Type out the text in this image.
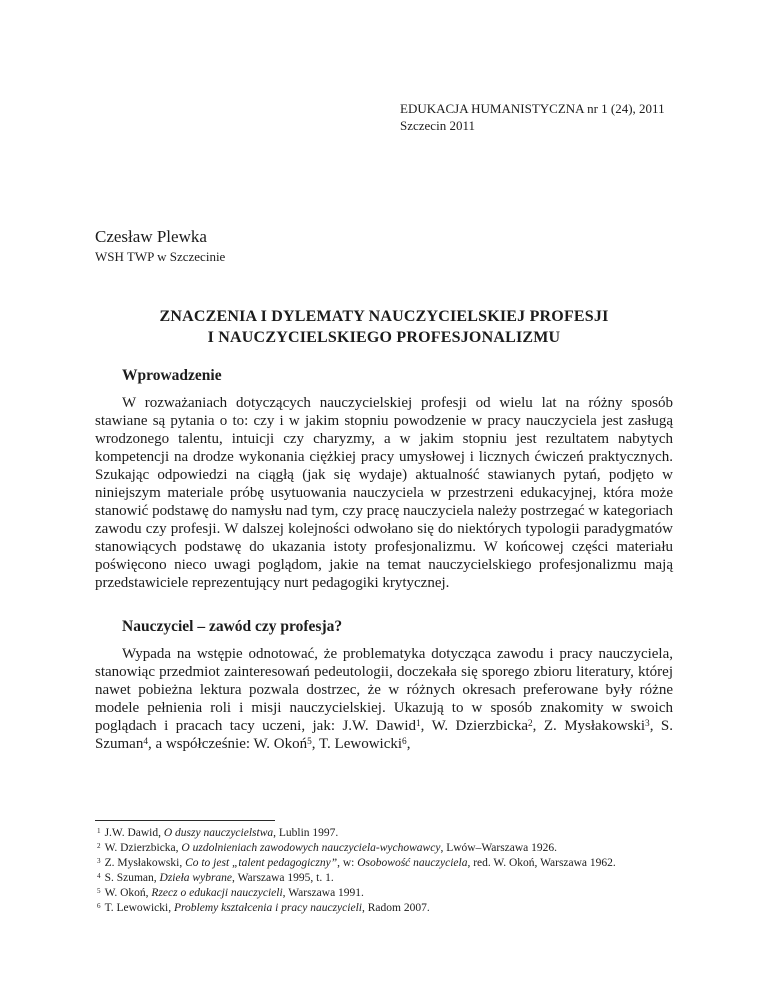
EDUKACJA HUMANISTYCZNA nr 1 (24), 2011
Szczecin 2011
Czesław Plewka
WSH TWP w Szczecinie
ZNACZENIA I DYLEMATY NAUCZYCIELSKIEJ PROFESJI
I NAUCZYCIELSKIEGO PROFESJONALIZMU
Wprowadzenie

W rozważaniach dotyczących nauczycielskiej profesji od wielu lat na różny sposób stawiane są pytania o to: czy i w jakim stopniu powodzenie w pracy nauczyciela jest zasługą wrodzonego talentu, intuicji czy charyzmy, a w jakim stopniu jest rezultatem nabytych kompetencji na drodze wykonania ciężkiej pracy umysłowej i licznych ćwiczeń praktycznych. Szukając odpowiedzi na ciągłą (jak się wydaje) aktualność stawianych pytań, podjęto w niniejszym materiale próbę usytuowania nauczyciela w przestrzeni edukacyjnej, która może stanowić podstawę do namysłu nad tym, czy pracę nauczyciela należy postrzegać w kategoriach zawodu czy profesji. W dalszej kolejności odwołano się do niektórych typologii paradygmatów stanowiących podstawę do ukazania istoty profesjonalizmu. W końcowej części materiału poświęcono nieco uwagi poglądom, jakie na temat nauczycielskiego profesjonalizmu mają przedstawiciele reprezentujący nurt pedagogiki krytycznej.

Nauczyciel – zawód czy profesja?

Wypada na wstępie odnotować, że problematyka dotycząca zawodu i pracy nauczyciela, stanowiąc przedmiot zainteresowań pedeutologii, doczekała się sporego zbioru literatury, której nawet pobieżna lektura pozwala dostrzec, że w różnych okresach preferowane były różne modele pełnienia roli i misji nauczycielskiej. Ukazują to w sposób znakomity w swoich poglądach i pracach tacy uczeni, jak: J.W. Dawid$^1$, W. Dzierzbicka$^2$, Z. Mysłakowski$^3$, S. Szuman$^4$, a współcześnie: W. Okoń$^5$, T. Lewowicki$^6$,

$^1$ J.W. Dawid, O duszy nauczycielstwa, Lublin 1997.
$^2$ W. Dzierzbicka, O uzdolnieniach zawodowych nauczyciela-wychowawcy, Lwów–Warszawa 1926.
$^3$ Z. Mysłakowski, Co to jest „talent pedagogiczny”, w: Osobowość nauczyciela, red. W. Okoń, Warszawa 1962.
$^4$ S. Szuman, Dzieła wybrane, Warszawa 1995, t. 1.
$^5$ W. Okoń, Rzecz o edukacji nauczycieli, Warszawa 1991.
$^6$ T. Lewowicki, Problemy kształcenia i pracy nauczycieli, Radom 2007.
